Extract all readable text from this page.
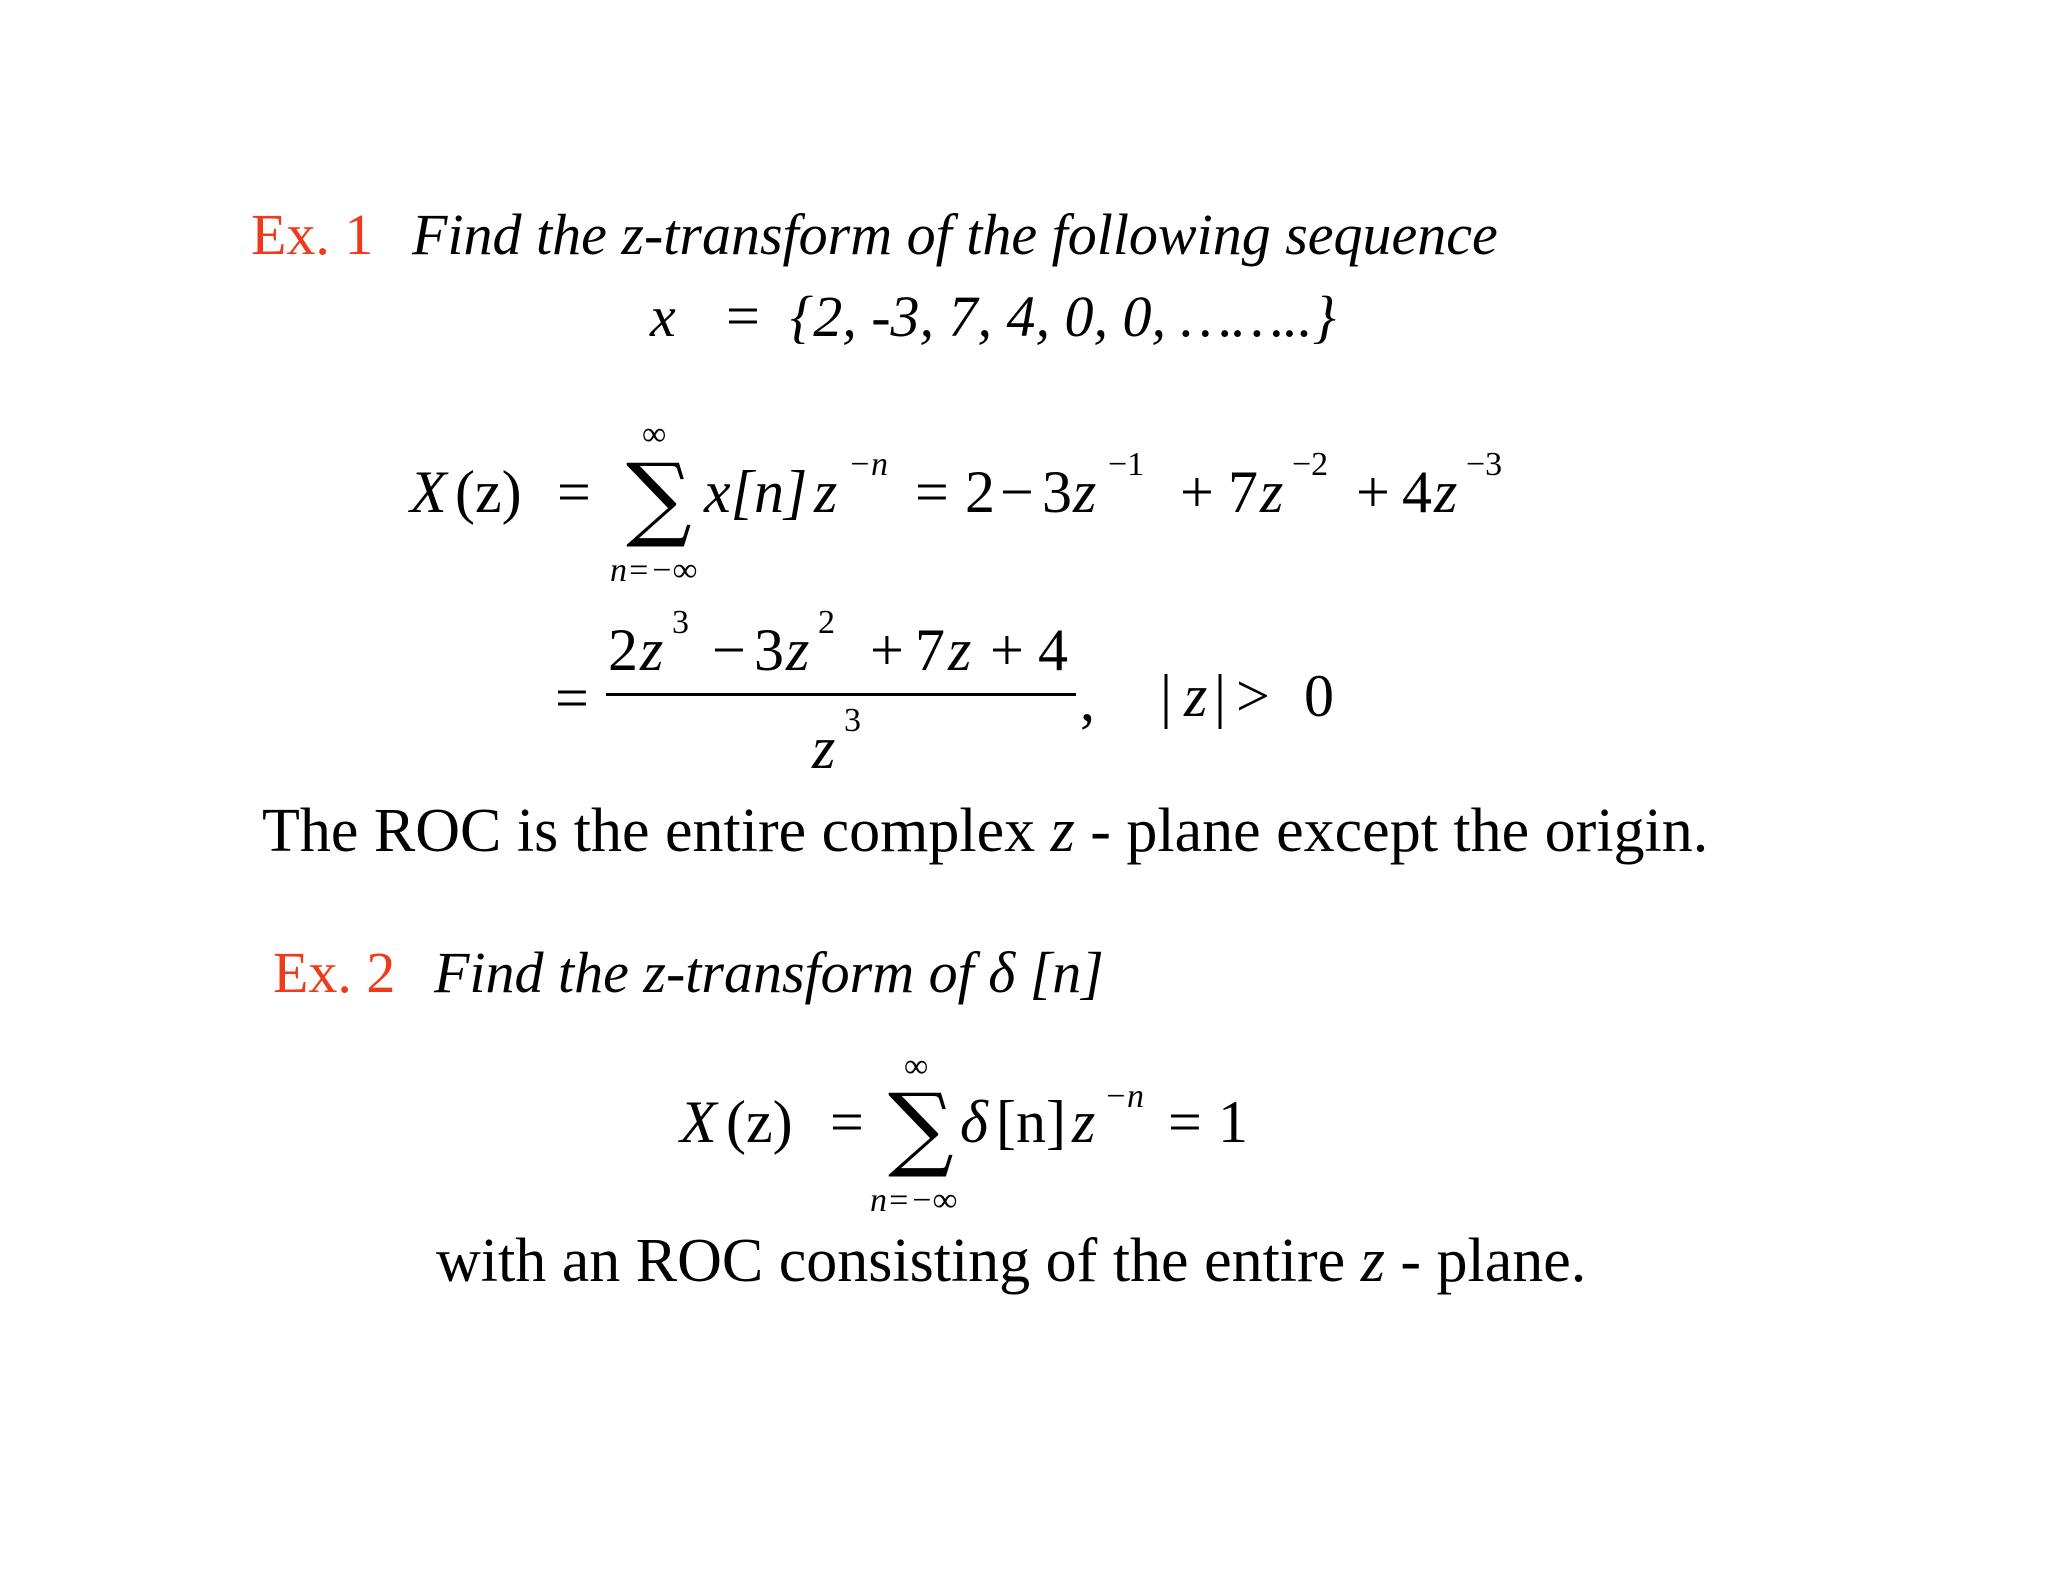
Ex. 1 Find the z-transform of the following sequence
x = {2, -3, 7, 4, 0, 0, ……..}
X (z) =
∞
∑
n=−∞
x[n] z −n = 2 − 3 z −1 + 7 z −2 + 4 z −3
2 z 3 − 3 z 2 + 7 z + 4
=
z 3	, | z | > 0
The ROC is the entire complex z - plane except the origin.
Ex. 2 Find the z-transform of δ [n]
X (z) =
∞
∑
n=−∞
δ [n] z −n = 1
with an ROC consisting of the entire z - plane.
